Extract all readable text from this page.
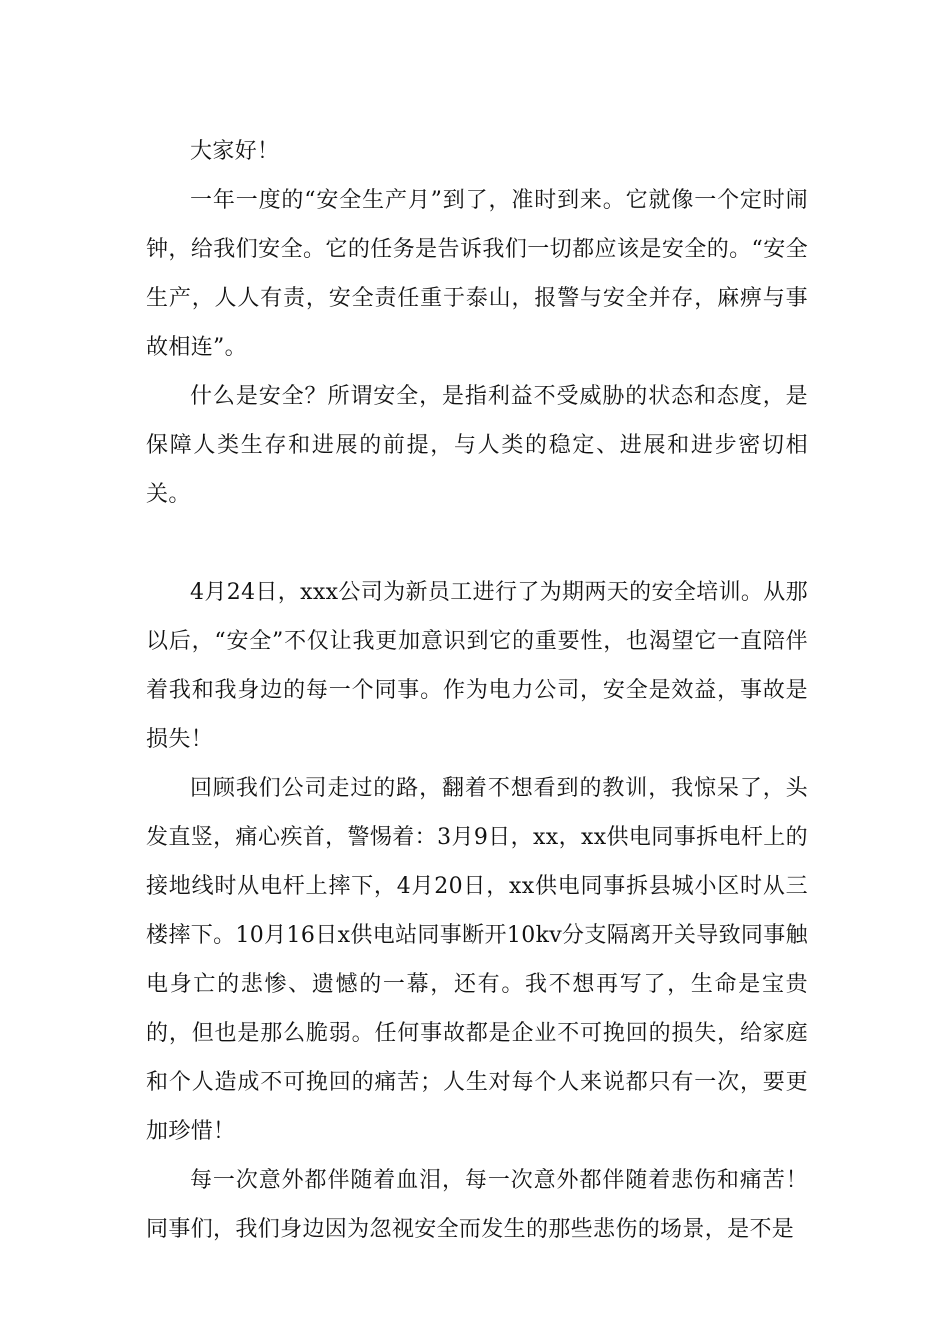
大家好！

一年一度的“安全生产月”到了，准时到来。它就像一个定时闹钟，给我们安全。它的任务是告诉我们一切都应该是安全的。“安全生产，人人有责，安全责任重于泰山，报警与安全并存，麻痹与事故相连”。

什么是安全？所谓安全，是指利益不受威胁的状态和态度，是保障人类生存和进展的前提，与人类的稳定、进展和进步密切相关。

4月24日，xxx公司为新员工进行了为期两天的安全培训。从那以后，“安全”不仅让我更加意识到它的重要性，也渴望它一直陪伴着我和我身边的每一个同事。作为电力公司，安全是效益，事故是损失！

回顾我们公司走过的路，翻着不想看到的教训，我惊呆了，头发直竖，痛心疾首，警惕着：3月9日，xx，xx供电同事拆电杆上的接地线时从电杆上摔下，4月20日，xx供电同事拆县城小区时从三楼摔下。10月16日x供电站同事断开10kv分支隔离开关导致同事触电身亡的悲惨、遗憾的一幕，还有。我不想再写了，生命是宝贵的，但也是那么脆弱。任何事故都是企业不可挽回的损失，给家庭和个人造成不可挽回的痛苦；人生对每个人来说都只有一次，要更加珍惜！

每一次意外都伴随着血泪，每一次意外都伴随着悲伤和痛苦！同事们，我们身边因为忽视安全而发生的那些悲伤的场景，是不是
